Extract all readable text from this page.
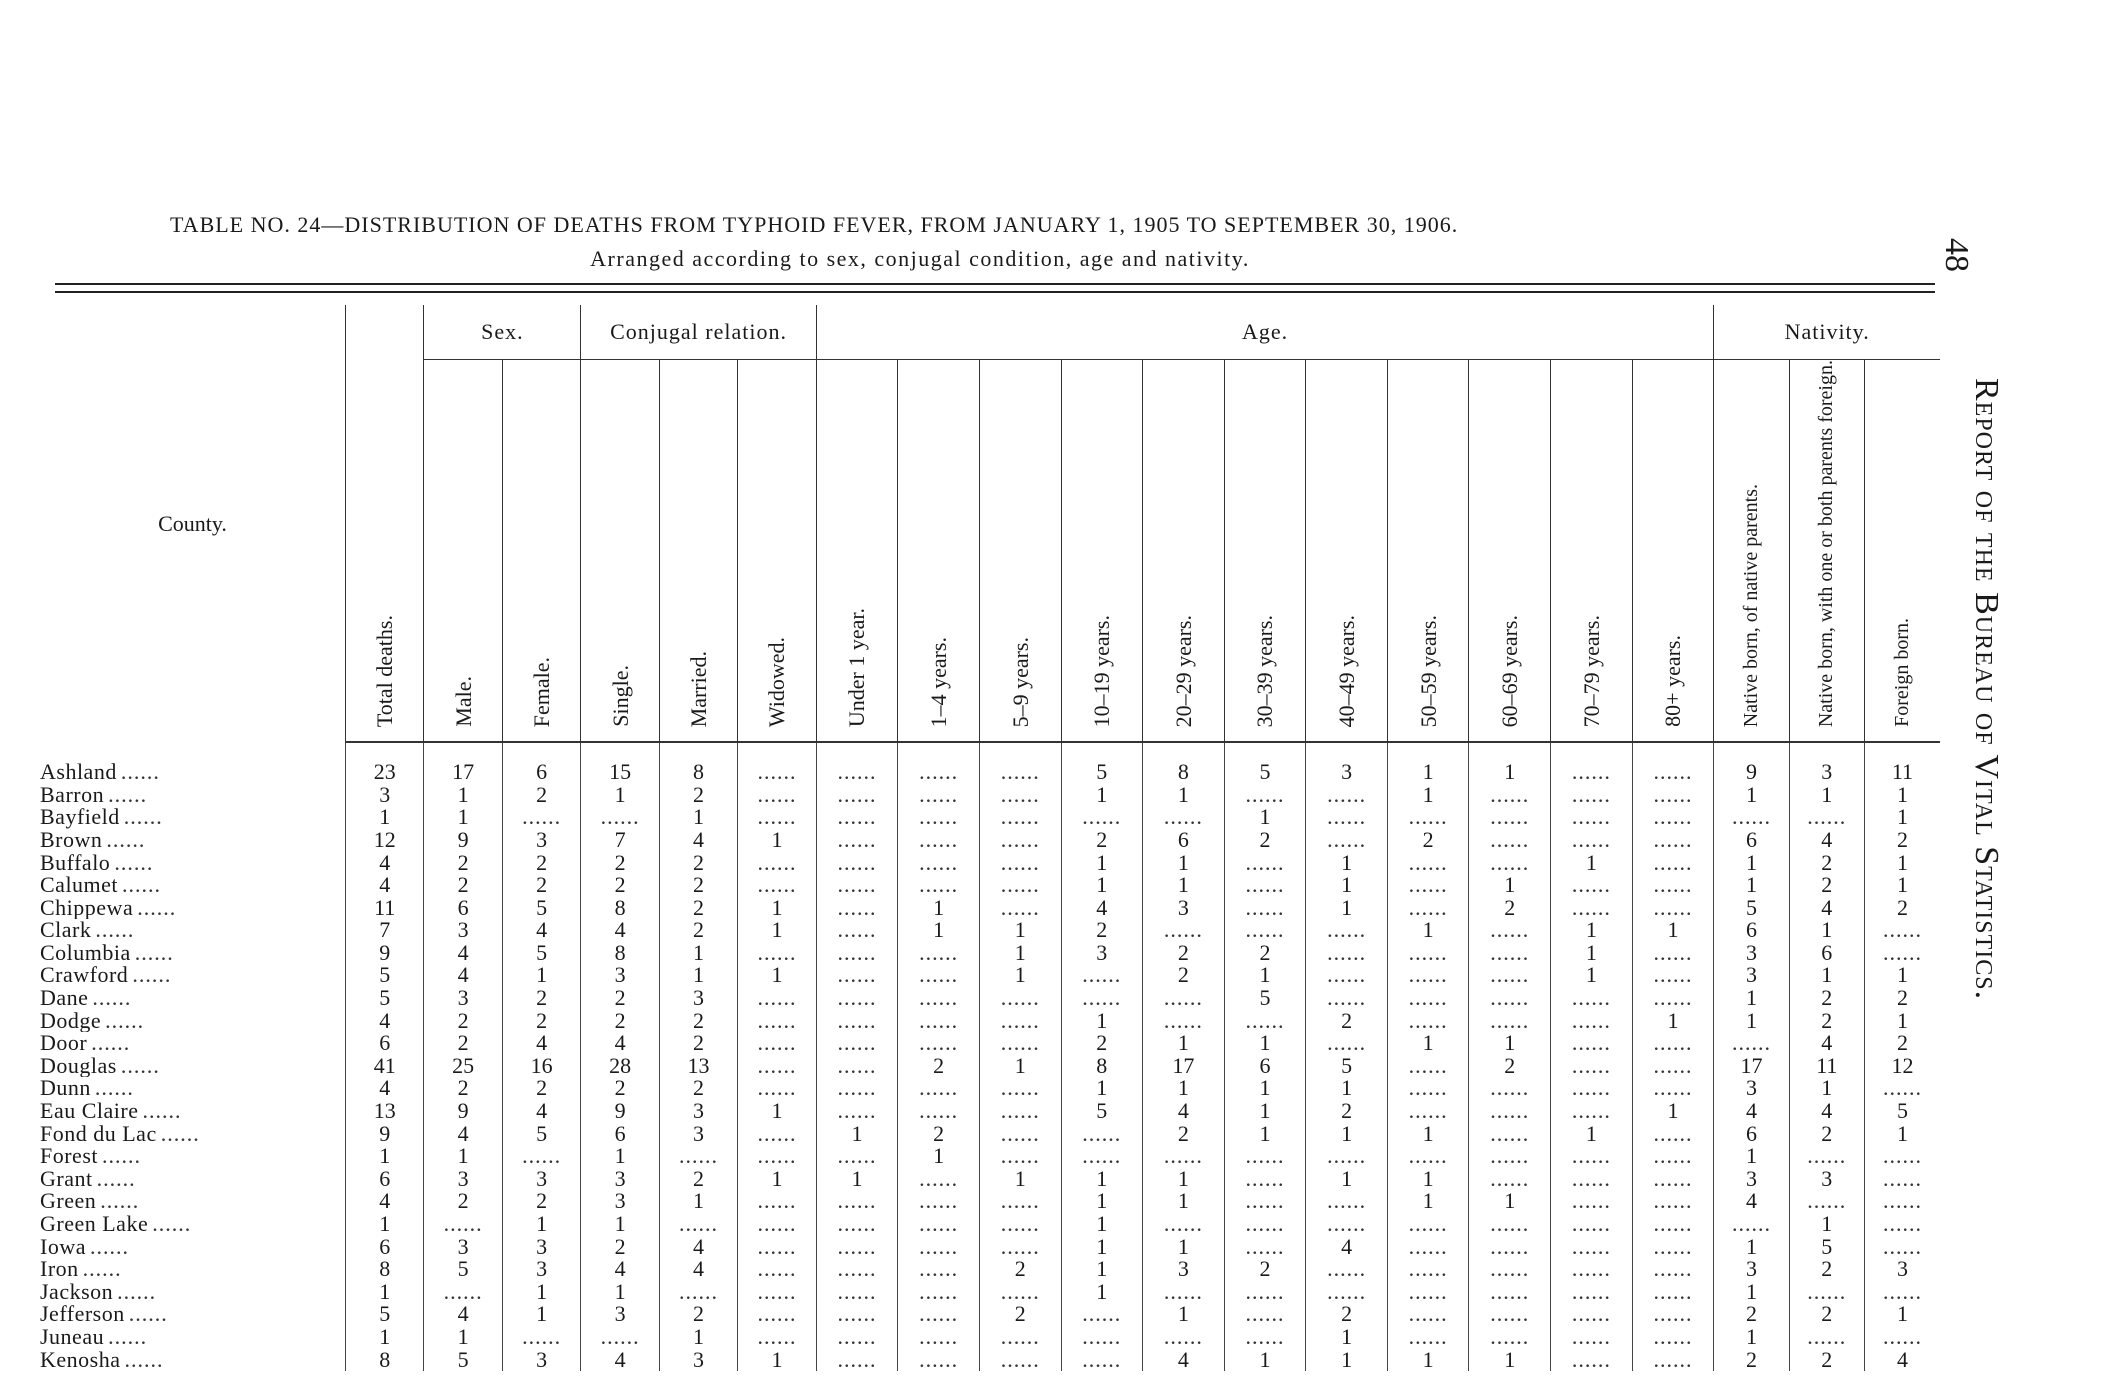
48
Report of the Bureau of Vital Statistics.
TABLE NO. 24—DISTRIBUTION OF DEATHS FROM TYPHOID FEVER, FROM JANUARY 1, 1905 TO SEPTEMBER 30, 1906.
Arranged according to sex, conjugal condition, age and nativity.
County.	Total deaths.	Sex.		Conjugal relation.			Age.											Nativity.		

		Male.	Female.	Single.	Married.	Widowed.	Under 1 year.	1–4 years.	5–9 years.	10–19 years.	20–29 years.	30–39 years.	40–49 years.	50–59 years.	60–69 years.	70–79 years.	80+ years.	Native born, of native parents.	Native born, with one or both parents foreign.	Foreign born.

Ashland ......	23	17	6	15	8	......	......	......	......	5	8	5	3	1	1	......	......	9	3	11
Barron ......	3	1	2	1	2	......	......	......	......	1	1	......	......	1	......	......	......	1	1	1
Bayfield ......	1	1	......	......	1	......	......	......	......	......	......	1	......	......	......	......	......	......	......	1
Brown ......	12	9	3	7	4	1	......	......	......	2	6	2	......	2	......	......	......	6	4	2
Buffalo ......	4	2	2	2	2	......	......	......	......	1	1	......	1	......	......	1	......	1	2	1
Calumet ......	4	2	2	2	2	......	......	......	......	1	1	......	1	......	1	......	......	1	2	1
Chippewa ......	11	6	5	8	2	1	......	1	......	4	3	......	1	......	2	......	......	5	4	2
Clark ......	7	3	4	4	2	1	......	1	1	2	......	......	......	1	......	1	1	6	1	......
Columbia ......	9	4	5	8	1	......	......	......	1	3	2	2	......	......	......	1	......	3	6	......
Crawford ......	5	4	1	3	1	1	......	......	1	......	2	1	......	......	......	1	......	3	1	1
Dane ......	5	3	2	2	3	......	......	......	......	......	......	5	......	......	......	......	......	1	2	2
Dodge ......	4	2	2	2	2	......	......	......	......	1	......	......	2	......	......	......	1	1	2	1
Door ......	6	2	4	4	2	......	......	......	......	2	1	1	......	1	1	......	......	......	4	2
Douglas ......	41	25	16	28	13	......	......	2	1	8	17	6	5	......	2	......	......	17	11	12
Dunn ......	4	2	2	2	2	......	......	......	......	1	1	1	1	......	......	......	......	3	1	......
Eau Claire ......	13	9	4	9	3	1	......	......	......	5	4	1	2	......	......	......	1	4	4	5
Fond du Lac ......	9	4	5	6	3	......	1	2	......	......	2	1	1	1	......	1	......	6	2	1
Forest ......	1	1	......	1	......	......	......	1	......	......	......	......	......	......	......	......	......	1	......	......
Grant ......	6	3	3	3	2	1	1	......	1	1	1	......	1	1	......	......	......	3	3	......
Green ......	4	2	2	3	1	......	......	......	......	1	1	......	......	1	1	......	......	4	......	......
Green Lake ......	1	......	1	1	......	......	......	......	......	1	......	......	......	......	......	......	......	......	1	......
Iowa ......	6	3	3	2	4	......	......	......	......	1	1	......	4	......	......	......	......	1	5	......
Iron ......	8	5	3	4	4	......	......	......	2	1	3	2	......	......	......	......	......	3	2	3
Jackson ......	1	......	1	1	......	......	......	......	......	1	......	......	......	......	......	......	......	1	......	......
Jefferson ......	5	4	1	3	2	......	......	......	2	......	1	......	2	......	......	......	......	2	2	1
Juneau ......	1	1	......	......	1	......	......	......	......	......	......	......	1	......	......	......	......	1	......	......
Kenosha ......	8	5	3	4	3	1	......	......	......	......	4	1	1	1	1	......	......	2	2	4
